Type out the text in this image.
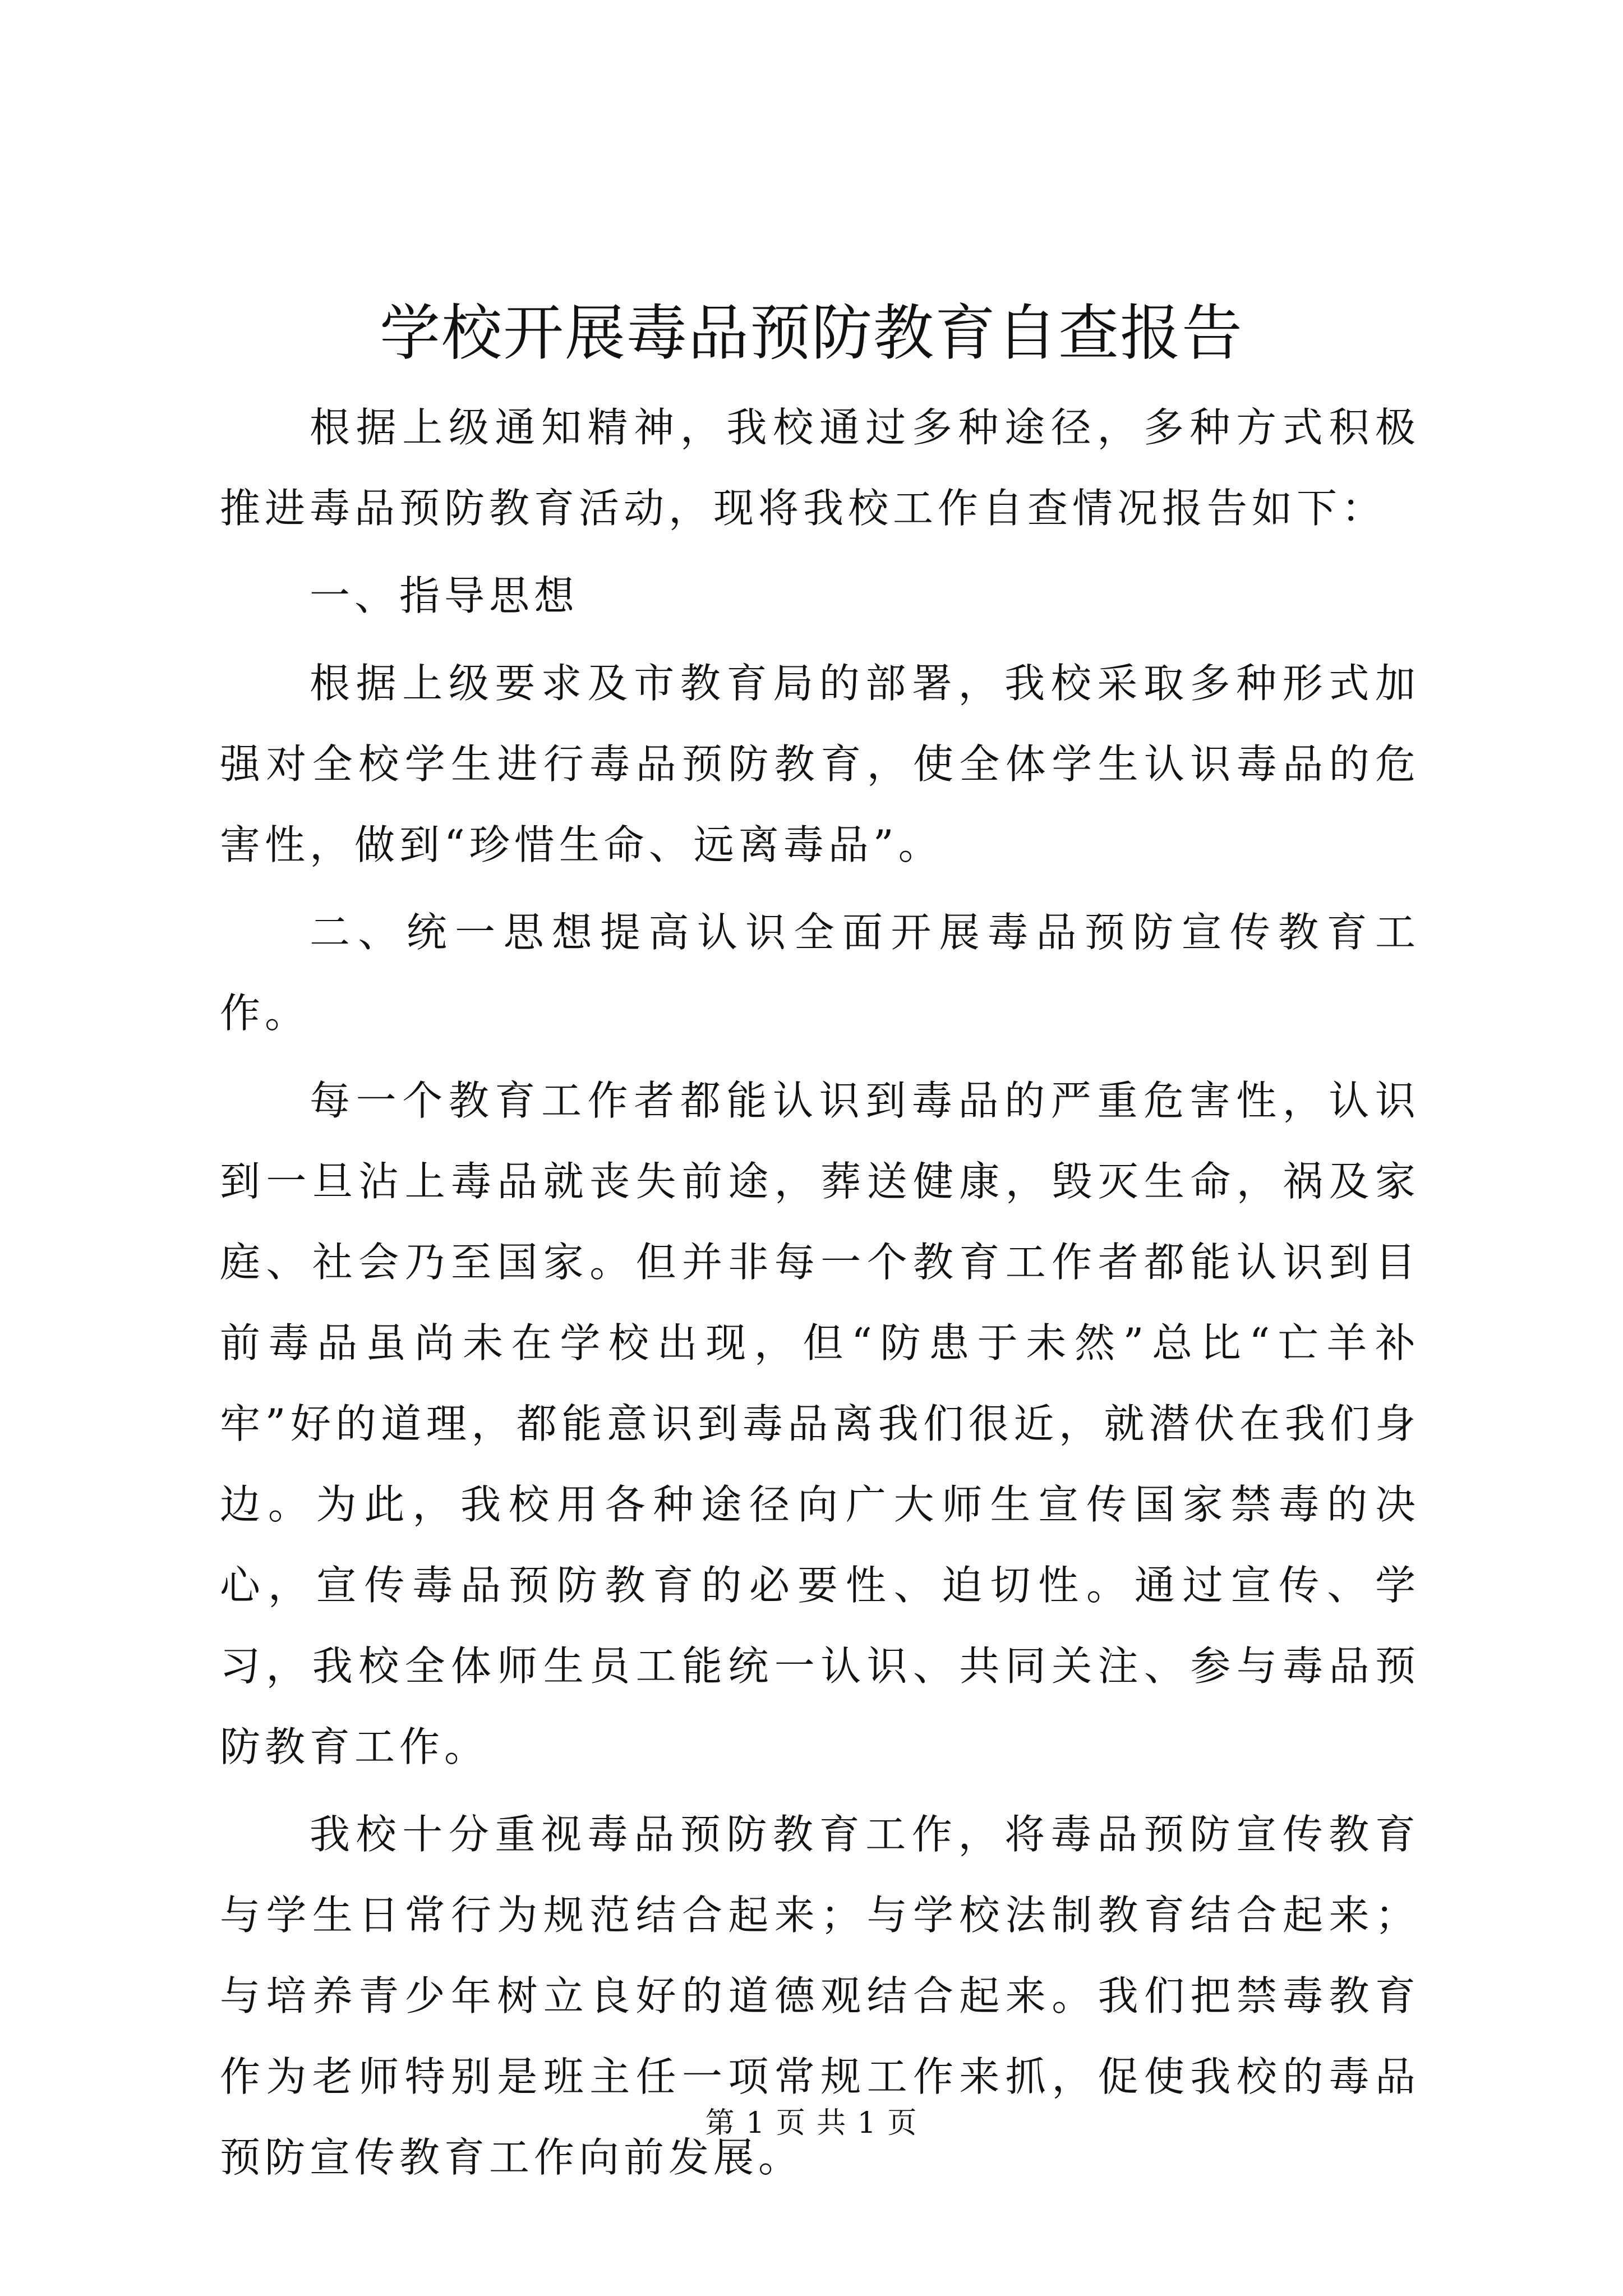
学校开展毒品预防教育自查报告

根据上级通知精神，我校通过多种途径，多种方式积极推进毒品预防教育活动，现将我校工作自查情况报告如下：

一、指导思想

根据上级要求及市教育局的部署，我校采取多种形式加强对全校学生进行毒品预防教育，使全体学生认识毒品的危害性，做到“珍惜生命、远离毒品”。

二、统一思想提高认识全面开展毒品预防宣传教育工作。

每一个教育工作者都能认识到毒品的严重危害性，认识到一旦沾上毒品就丧失前途，葬送健康，毁灭生命，祸及家庭、社会乃至国家。但并非每一个教育工作者都能认识到目前毒品虽尚未在学校出现，但“防患于未然”总比“亡羊补牢”好的道理，都能意识到毒品离我们很近，就潜伏在我们身边。为此，我校用各种途径向广大师生宣传国家禁毒的决心，宣传毒品预防教育的必要性、迫切性。通过宣传、学习，我校全体师生员工能统一认识、共同关注、参与毒品预防教育工作。

我校十分重视毒品预防教育工作，将毒品预防宣传教育与学生日常行为规范结合起来；与学校法制教育结合起来；与培养青少年树立良好的道德观结合起来。我们把禁毒教育作为老师特别是班主任一项常规工作来抓，促使我校的毒品预防宣传教育工作向前发展。

第 1 页 共 1 页
